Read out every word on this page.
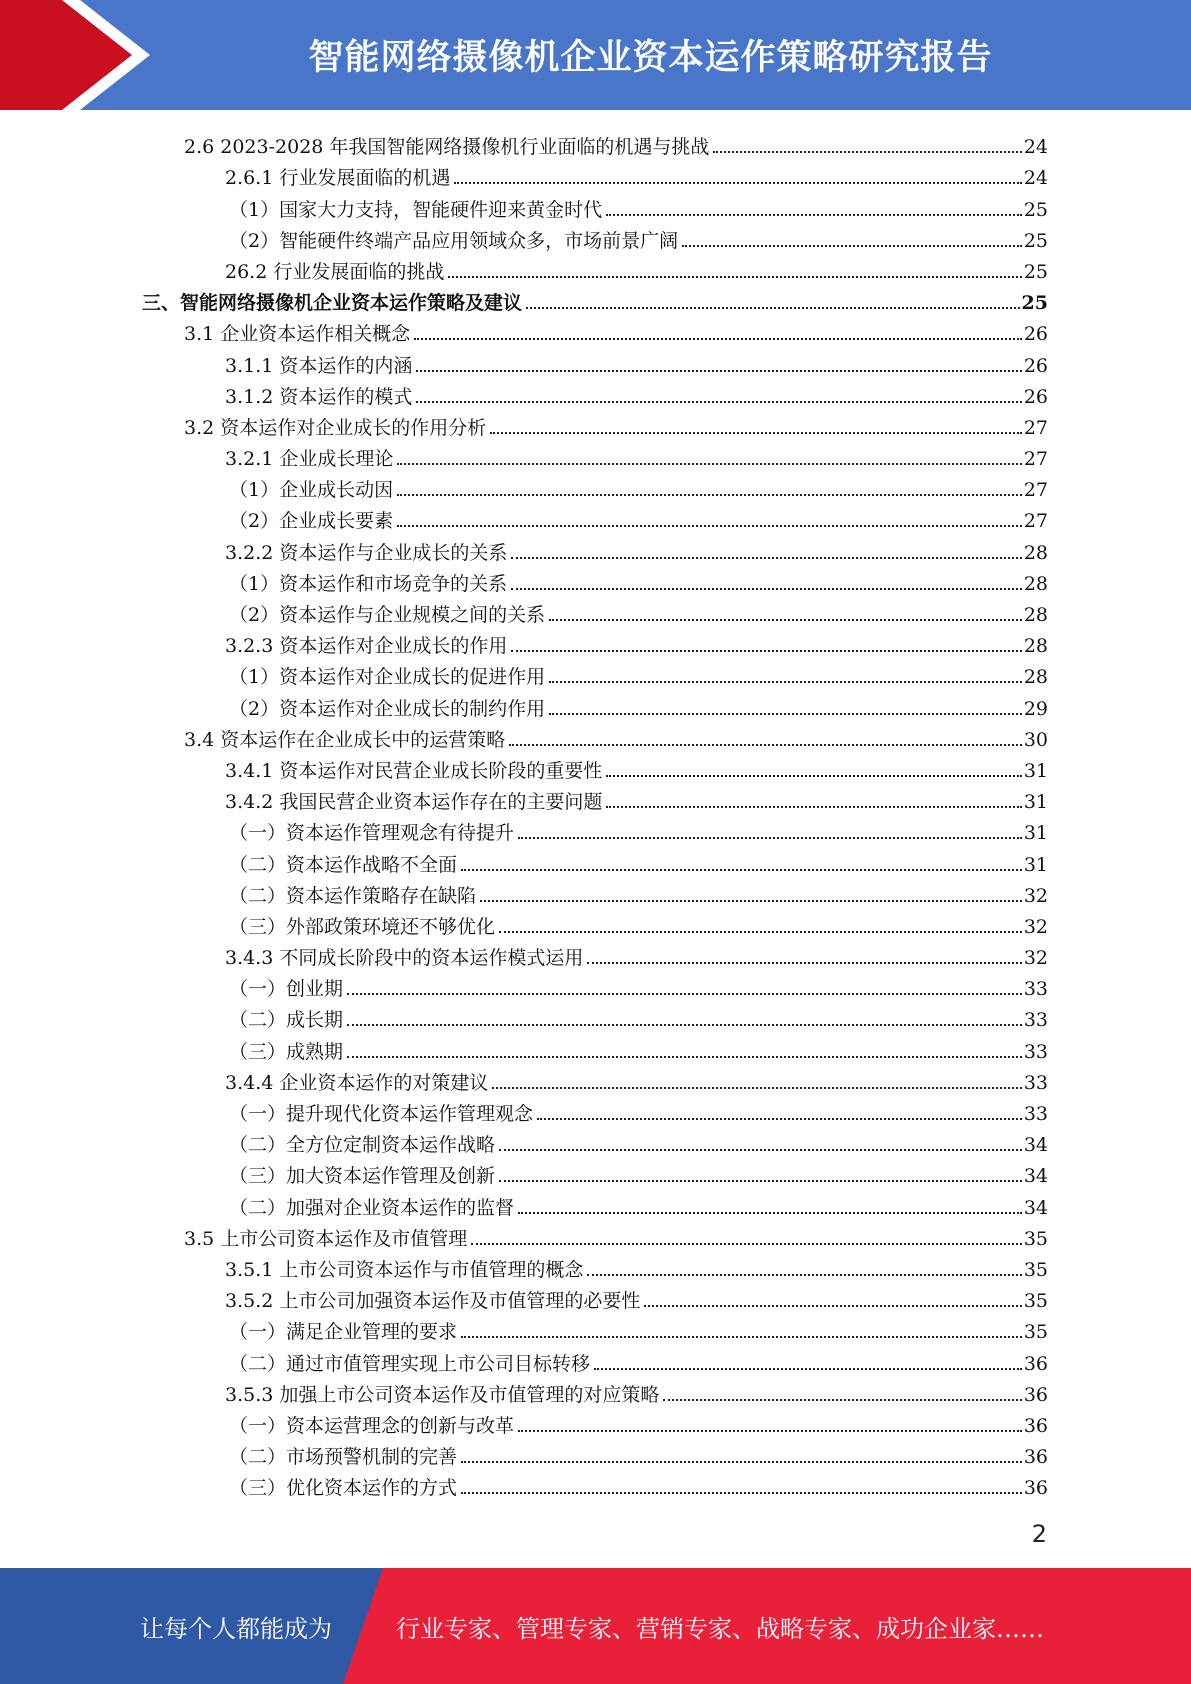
智能网络摄像机企业资本运作策略研究报告
2.6 2023-2028 年我国智能网络摄像机行业面临的机遇与挑战	24
2.6.1 行业发展面临的机遇	24
（1）国家大力支持，智能硬件迎来黄金时代	25
（2）智能硬件终端产品应用领域众多，市场前景广阔	25
26.2 行业发展面临的挑战	25
三、智能网络摄像机企业资本运作策略及建议	25
3.1 企业资本运作相关概念	26
3.1.1 资本运作的内涵	26
3.1.2 资本运作的模式	26
3.2 资本运作对企业成长的作用分析	27
3.2.1 企业成长理论	27
（1）企业成长动因	27
（2）企业成长要素	27
3.2.2 资本运作与企业成长的关系	28
（1）资本运作和市场竞争的关系	28
（2）资本运作与企业规模之间的关系	28
3.2.3 资本运作对企业成长的作用	28
（1）资本运作对企业成长的促进作用	28
（2）资本运作对企业成长的制约作用	29
3.4 资本运作在企业成长中的运营策略	30
3.4.1 资本运作对民营企业成长阶段的重要性	31
3.4.2 我国民营企业资本运作存在的主要问题	31
（一）资本运作管理观念有待提升	31
（二）资本运作战略不全面	31
（二）资本运作策略存在缺陷	32
（三）外部政策环境还不够优化	32
3.4.3 不同成长阶段中的资本运作模式运用	32
（一）创业期	33
（二）成长期	33
（三）成熟期	33
3.4.4 企业资本运作的对策建议	33
（一）提升现代化资本运作管理观念	33
（二）全方位定制资本运作战略	34
（三）加大资本运作管理及创新	34
（二）加强对企业资本运作的监督	34
3.5 上市公司资本运作及市值管理	35
3.5.1 上市公司资本运作与市值管理的概念	35
3.5.2 上市公司加强资本运作及市值管理的必要性	35
（一）满足企业管理的要求	35
（二）通过市值管理实现上市公司目标转移	36
3.5.3 加强上市公司资本运作及市值管理的对应策略	36
（一）资本运营理念的创新与改革	36
（二）市场预警机制的完善	36
（三）优化资本运作的方式	36
2
让每个人都能成为	行业专家、管理专家、营销专家、战略专家、成功企业家……
